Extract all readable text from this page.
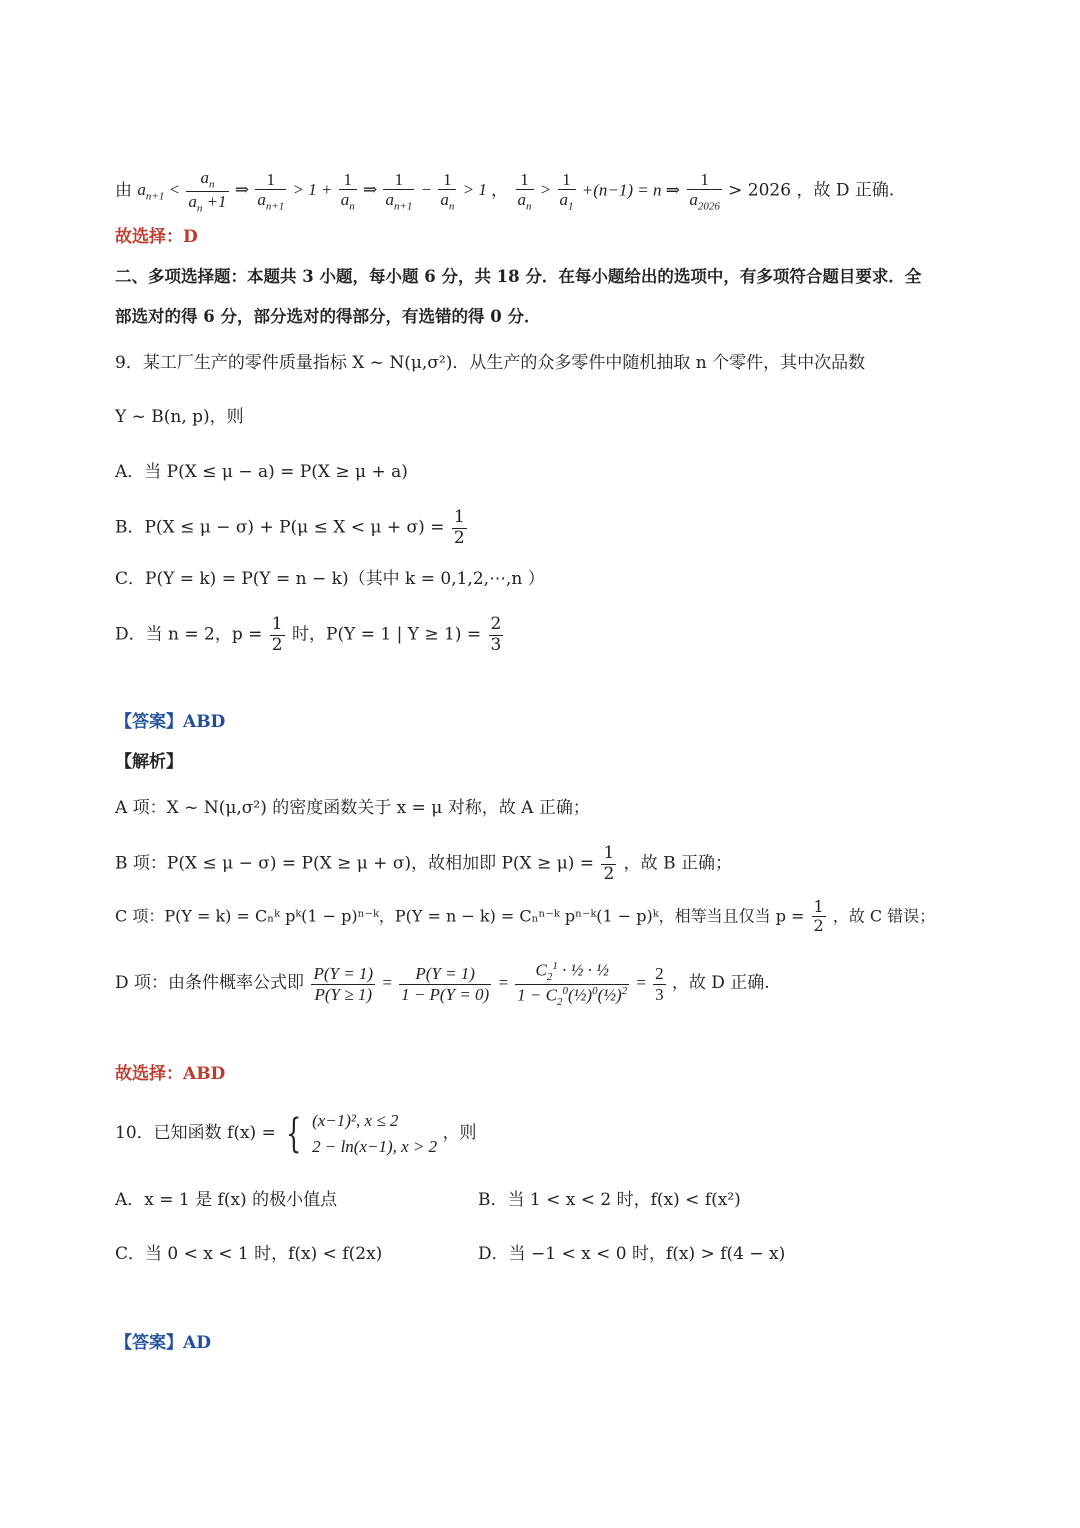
由 $a_{n+1} < \frac{a_n}{a_n +1}$ ⇒ $\frac{1}{a_{n+1}} > 1 + \frac{1}{a_n}$ ⇒ $\frac{1}{a_{n+1}} - \frac{1}{a_n} > 1$ ， $\frac{1}{a_n} > \frac{1}{a_1} +(n-1) = n$ ⇒ $\frac{1}{a_{2026}} > 2026$ ，故 D 正确.
故选择：D
二、多项选择题：本题共 3 小题，每小题 6 分，共 18 分．在每小题给出的选项中，有多项符合题目要求．全
部选对的得 6 分，部分选对的得部分，有选错的得 0 分．
9．某工厂生产的零件质量指标 X ~ N(μ,σ²)．从生产的众多零件中随机抽取 n 个零件，其中次品数
Y ~ B(n, p)，则
A．当 P(X ≤ μ − a) = P(X ≥ μ + a)
B．$P(X \le \mu - \sigma) + P(\mu \le X < \mu + \sigma) = \frac{1}{2}$
C．P(Y = k) = P(Y = n − k)（其中 k = 0,1,2,⋯,n ）
D．当 n = 2，$p = \frac{1}{2}$ 时，P(Y = 1 | $Y \ge 1) = \frac{2}{3}$
【答案】ABD
【解析】
A 项：X ~ N(μ,σ²) 的密度函数关于 x = μ 对称，故 A 正确；
B 项：P(X ≤ μ − σ) = P(X ≥ μ + σ)，故相加即 $P(X \ge \mu) = \frac{1}{2}$ ，故 B 正确；
C 项：P(Y = k) = Cₙᵏ pᵏ(1 − p)ⁿ⁻ᵏ，P(Y = n − k) = Cₙⁿ⁻ᵏ pⁿ⁻ᵏ(1 − p)ᵏ，相等当且仅当 $p = \frac{1}{2}$ ，故 C 错误；
D 项：由条件概率公式即 $\frac{P(Y = 1)}{P(Y \ge 1)} = \frac{P(Y = 1)}{1 - P(Y = 0)} = \frac{C_2^1 \cdot \frac{1}{2} \cdot \frac{1}{2}}{1 - C_2^0(\frac{1}{2})^0(\frac{1}{2})^2} = \frac{2}{3}$ ，故 D 正确.
故选择：ABD
10．已知函数 f(x) = { (x−1)², x ≤ 2
2 − ln(x−1), x > 2
，则
A．x = 1 是 f(x) 的极小值点	B．当 1 < x < 2 时，f(x) < f(x²)
C．当 0 < x < 1 时，f(x) < f(2x)	D．当 −1 < x < 0 时，f(x) > f(4 − x)
【答案】AD
